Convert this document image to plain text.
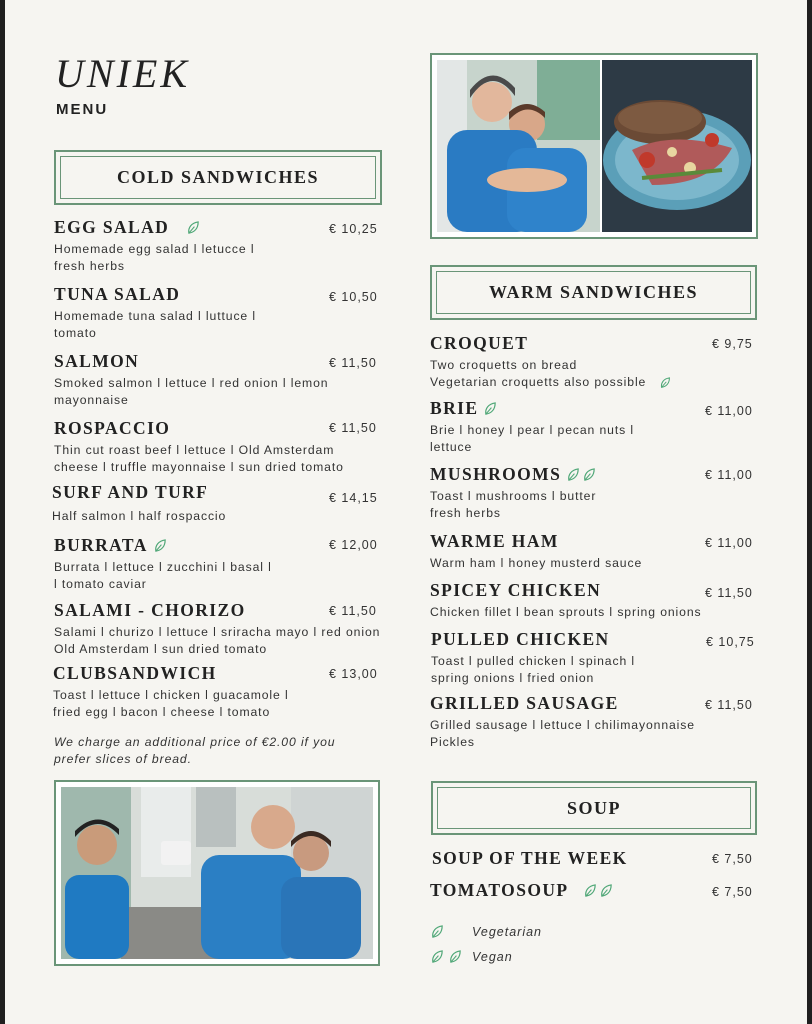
UNIEK
MENU
COLD SANDWICHES
EGG SALAD
Homemade egg salad l letucce l
fresh herbs
€ 10,25
TUNA SALAD
Homemade tuna salad l luttuce l
tomato
€ 10,50
SALMON
Smoked salmon l lettuce l red onion l lemon
mayonnaise
€ 11,50
ROSPACCIO
Thin cut roast beef l lettuce l Old Amsterdam
cheese l truffle mayonnaise l sun dried tomato
€ 11,50
SURF AND TURF
Half salmon l half rospaccio
€ 14,15
BURRATA
Burrata l lettuce l zucchini l basal l
l tomato caviar
€ 12,00
SALAMI - CHORIZO
Salami l churizo l lettuce l sriracha mayo l red onion
Old Amsterdam l sun dried tomato
€ 11,50
CLUBSANDWICH
Toast l lettuce l chicken l guacamole l
fried egg l bacon l cheese l tomato
€ 13,00
We charge an additional price of €2.00 if you
prefer slices of bread.
WARM SANDWICHES
CROQUET
Two croquetts on bread
Vegetarian croquetts also possible
€ 9,75
BRIE
Brie l honey l pear l pecan nuts l
lettuce
€ 11,00
MUSHROOMS
Toast l mushrooms l butter
fresh herbs
€ 11,00
WARME HAM
Warm ham l honey musterd sauce
€ 11,00
SPICEY CHICKEN
Chicken fillet l bean sprouts l spring onions
€ 11,50
PULLED CHICKEN
Toast l pulled chicken l spinach l
spring onions l fried onion
€ 10,75
GRILLED SAUSAGE
Grilled sausage l lettuce l chilimayonnaise
Pickles
€ 11,50
SOUP
SOUP OF THE WEEK	€ 7,50
TOMATOSOUP	€ 7,50
Vegetarian
Vegan
